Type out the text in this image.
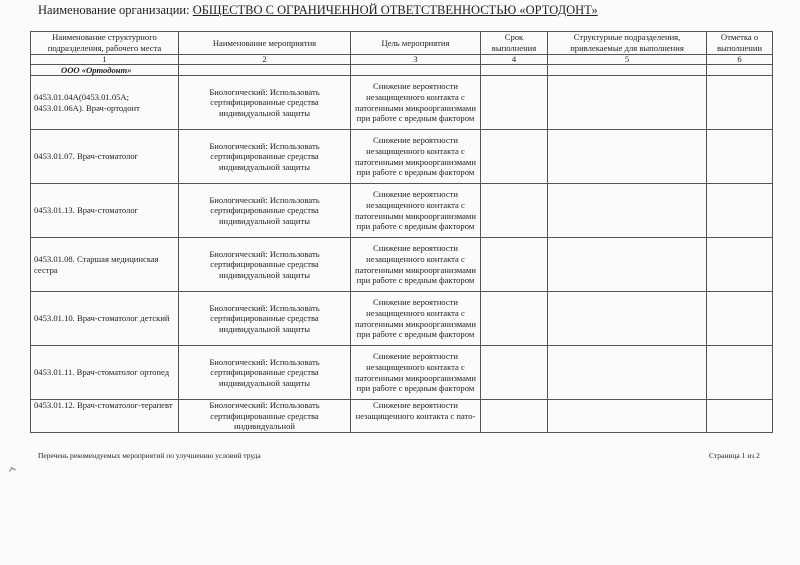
Наименование организации: ОБЩЕСТВО С ОГРАНИЧЕННОЙ ОТВЕТСТВЕННОСТЬЮ «ОРТОДОНТ»
Наименование структурного подразделения, рабочего места	Наименование мероприятия	Цель мероприятия	Срок выполнения	Структурные подразделения, привлекаемые для выполнения	Отметка о выполнении
1	2	3	4	5	6
ООО «Ортодонт»					
0453.01.04А(0453.01.05А; 0453.01.06А). Врач-ортодонт	Биологический: Использовать сертифицированные средства индивидуальной защиты	Снижение вероятности незащищенного контакта с патогенными микроорганизмами при работе с вредным фактором			
0453.01.07. Врач-стоматолог	Биологический: Использовать сертифицированные средства индивидуальной защиты	Снижение вероятности незащищенного контакта с патогенными микроорганизмами при работе с вредным фактором			
0453.01.13. Врач-стоматолог	Биологический: Использовать сертифицированные средства индивидуальной защиты	Снижение вероятности незащищенного контакта с патогенными микроорганизмами при работе с вредным фактором			
0453.01.08. Старшая медицинская сестра	Биологический: Использовать сертифицированные средства индивидуальной защиты	Снижение вероятности незащищенного контакта с патогенными микроорганизмами при работе с вредным фактором			
0453.01.10. Врач-стоматолог детский	Биологический: Использовать сертифицированные средства индивидуальной защиты	Снижение вероятности незащищенного контакта с патогенными микроорганизмами при работе с вредным фактором			
0453.01.11. Врач-стоматолог ортопед	Биологический: Использовать сертифицированные средства индивидуальной защиты	Снижение вероятности незащищенного контакта с патогенными микроорганизмами при работе с вредным фактором			
0453.01.12. Врач-стоматолог-терапевт	Биологический: Использовать сертифицированные средства индивидуальной	Снижение вероятности незащищенного контакта с пато-			
Перечень рекомендуемых мероприятий по улучшению условий труда	Страница 1 из 2
